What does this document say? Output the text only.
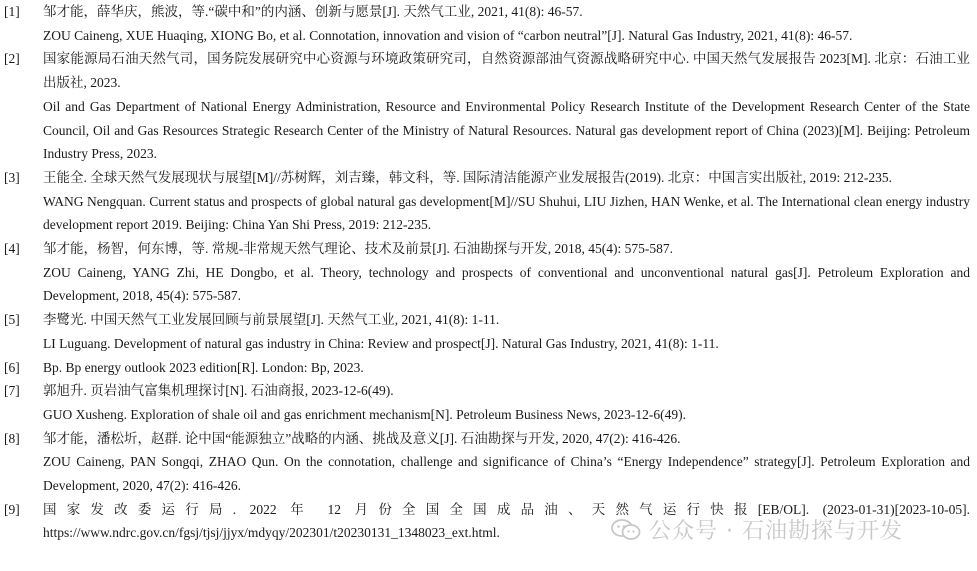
[1]	邹才能，薛华庆，熊波，等.“碳中和”的内涵、创新与愿景[J]. 天然气工业, 2021, 41(8): 46-57.

ZOU Caineng, XUE Huaqing, XIONG Bo, et al. Connotation, innovation and vision of “carbon neutral”[J]. Natural Gas Industry, 2021, 41(8): 46-57.

[2]	国家能源局石油天然气司，国务院发展研究中心资源与环境政策研究司，自然资源部油气资源战略研究中心. 中国天然气发展报告 2023[M]. 北京：石油工业出版社, 2023.

Oil and Gas Department of National Energy Administration, Resource and Environmental Policy Research Institute of the Development Research Center of the State Council, Oil and Gas Resources Strategic Research Center of the Ministry of Natural Resources. Natural gas development report of China (2023)[M]. Beijing: Petroleum Industry Press, 2023.

[3]	王能全. 全球天然气发展现状与展望[M]//苏树辉，刘吉臻，韩文科，等. 国际清洁能源产业发展报告(2019). 北京：中国言实出版社, 2019: 212-235.

WANG Nengquan. Current status and prospects of global natural gas development[M]//SU Shuhui, LIU Jizhen, HAN Wenke, et al. The International clean energy industry development report 2019. Beijing: China Yan Shi Press, 2019: 212-235.

[4]	邹才能，杨智，何东博，等. 常规-非常规天然气理论、技术及前景[J]. 石油勘探与开发, 2018, 45(4): 575-587.

ZOU Caineng, YANG Zhi, HE Dongbo, et al. Theory, technology and prospects of conventional and unconventional natural gas[J]. Petroleum Exploration and Development, 2018, 45(4): 575-587.

[5]	李鹭光. 中国天然气工业发展回顾与前景展望[J]. 天然气工业, 2021, 41(8): 1-11.

LI Luguang. Development of natural gas industry in China: Review and prospect[J]. Natural Gas Industry, 2021, 41(8): 1-11.

[6]	Bp. Bp energy outlook 2023 edition[R]. London: Bp, 2023.

[7]	郭旭升. 页岩油气富集机理探讨[N]. 石油商报, 2023-12-6(49).

GUO Xusheng. Exploration of shale oil and gas enrichment mechanism[N]. Petroleum Business News, 2023-12-6(49).

[8]	邹才能，潘松圻，赵群. 论中国“能源独立”战略的内涵、挑战及意义[J]. 石油勘探与开发, 2020, 47(2): 416-426.

ZOU Caineng, PAN Songqi, ZHAO Qun. On the connotation, challenge and significance of China’s “Energy Independence” strategy[J]. Petroleum Exploration and Development, 2020, 47(2): 416-426.

[9]	国家发改委运行局. 2022 年 12 月份全国全国成品油、天然气运行快报[EB/OL]. (2023-01-31)[2023-10-05]. https://www.ndrc.gov.cn/fgsj/tjsj/jjyx/mdyqy/202301/t20230131_1348023_ext.html.	公众号 · 石油勘探与开发
